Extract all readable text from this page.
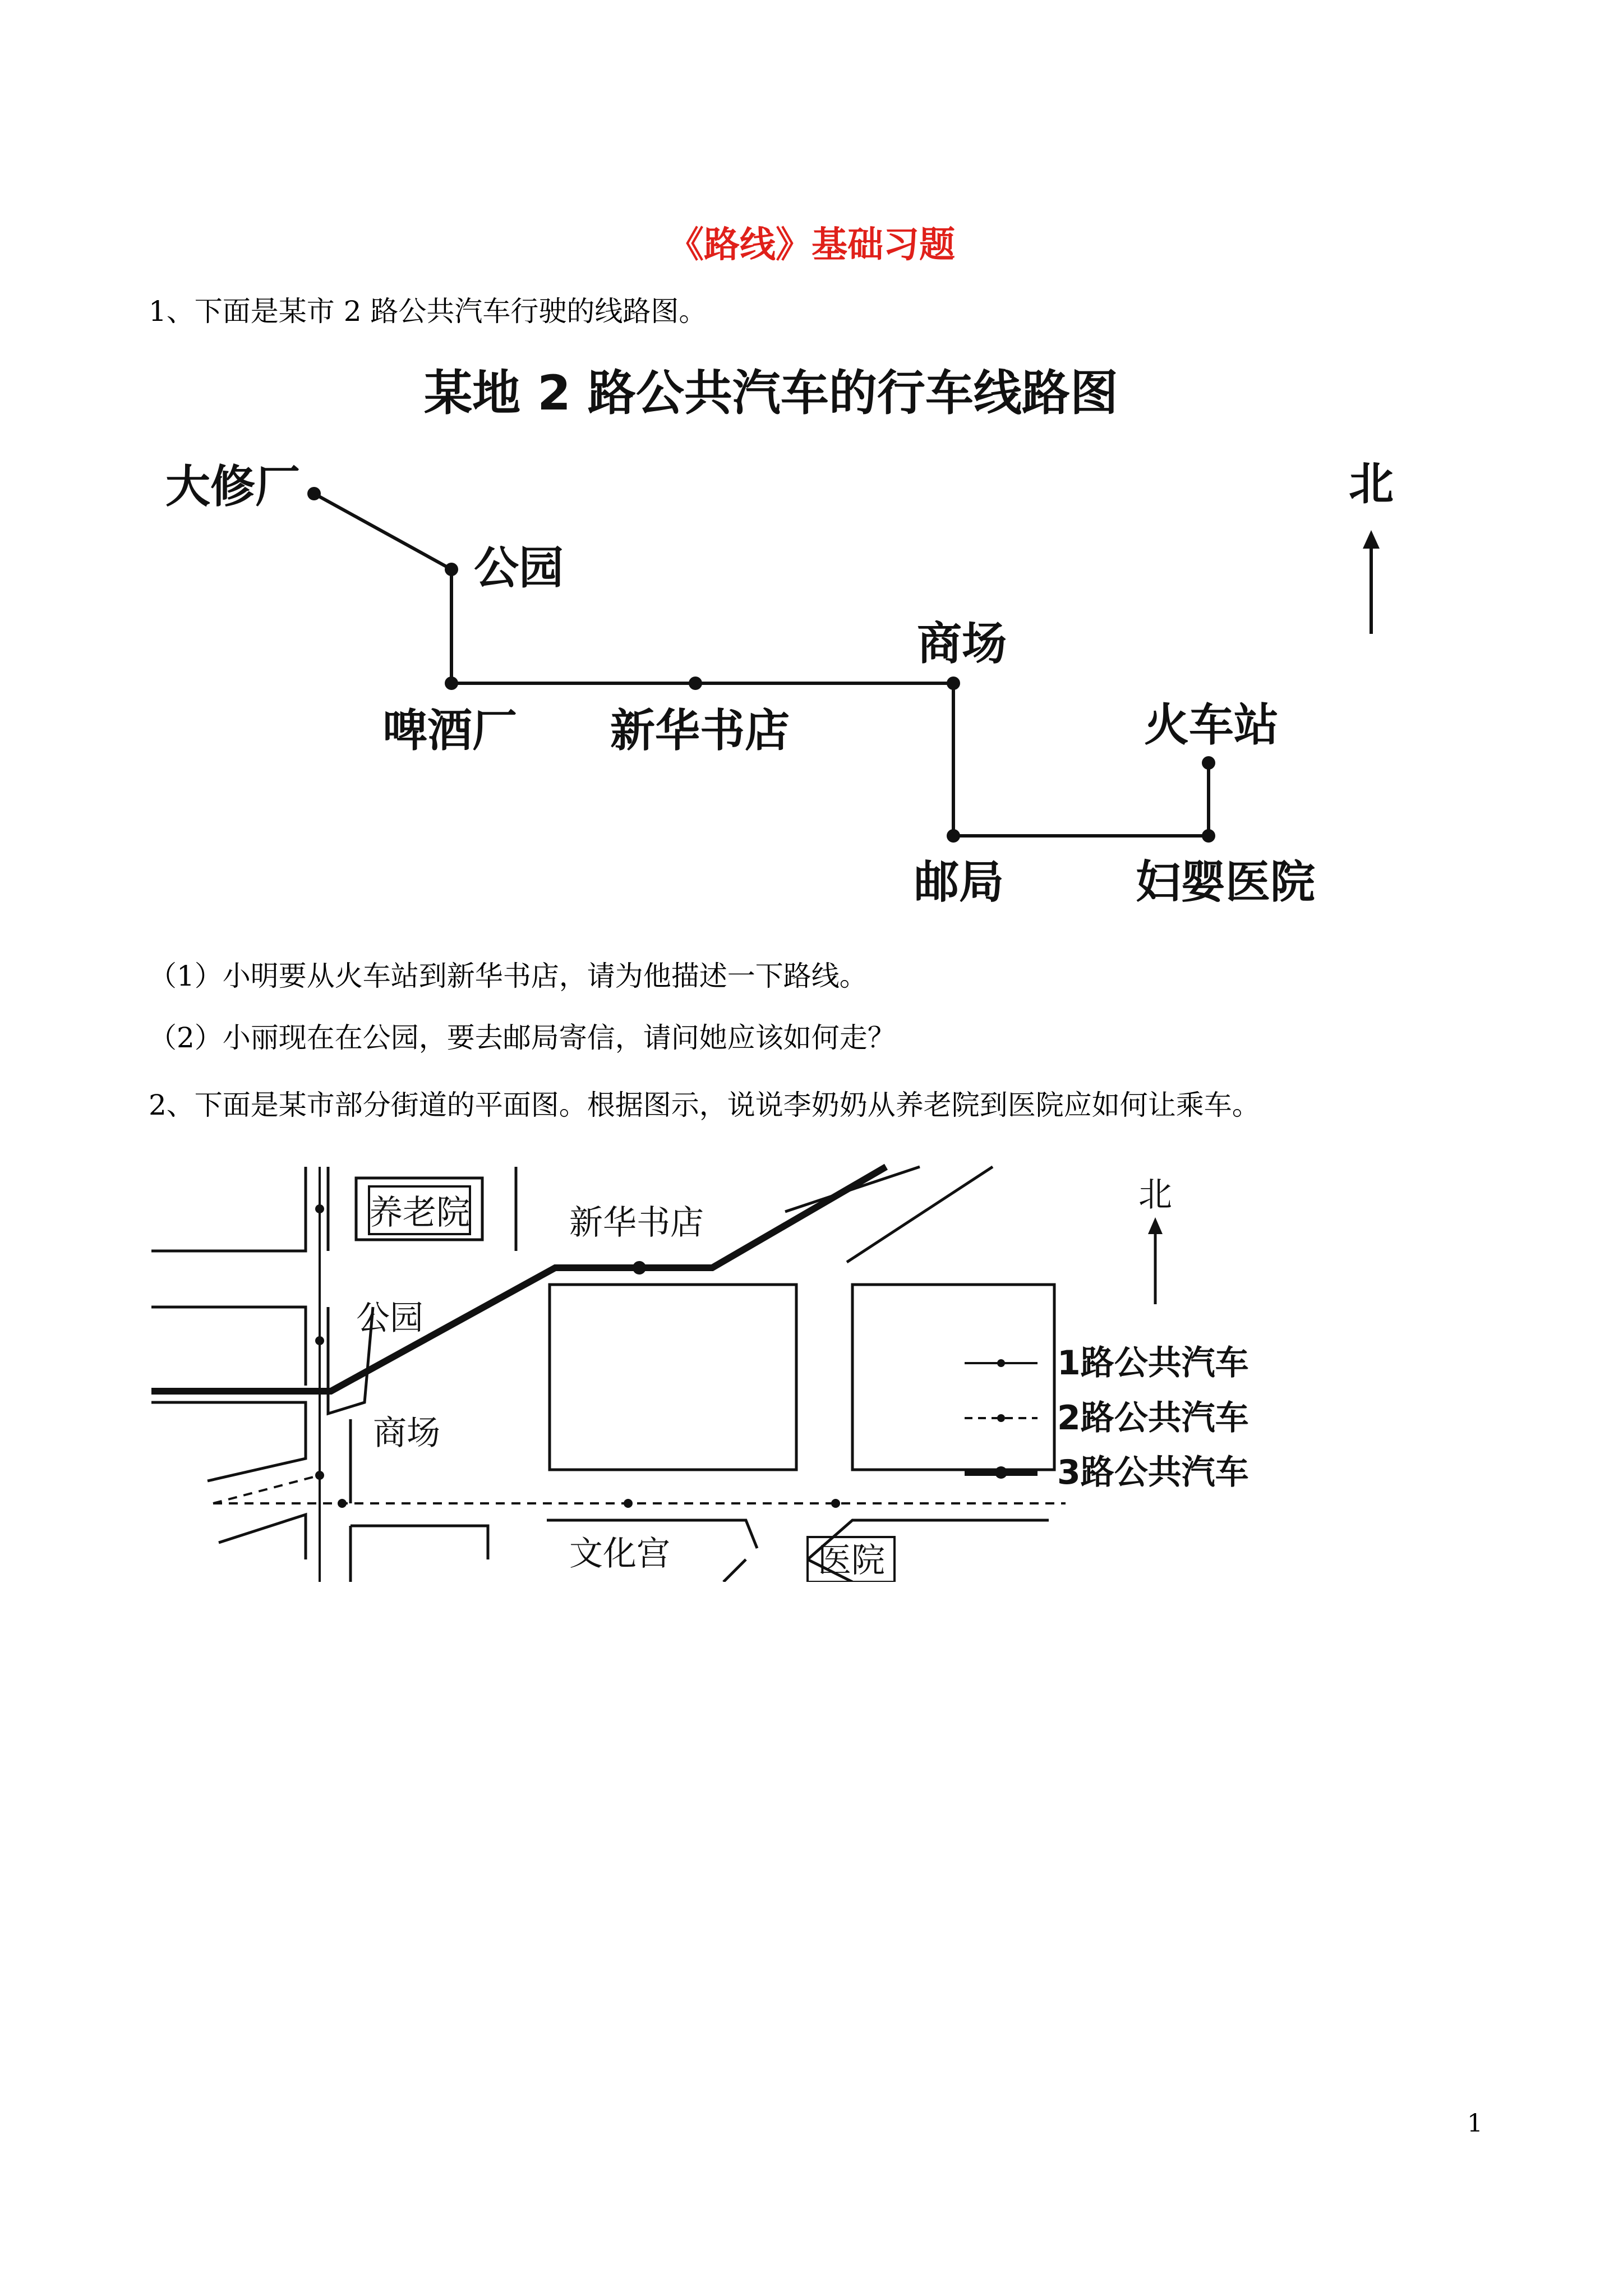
《路线》基础习题
1、下面是某市 2 路公共汽车行驶的线路图。
某地 2 路公共汽车的行车线路图
大修厂
公园
啤酒厂 新华书店
商场
火车站
邮局	妇婴医院
北
（1）小明要从火车站到新华书店，请为他描述一下路线。
（2）小丽现在在公园，要去邮局寄信，请问她应该如何走？
2、下面是某市部分街道的平面图。根据图示，说说李奶奶从养老院到医院应如何让乘车。
养老院	新华书店
公园
商场
文化宫	医院
北
1路公共汽车
2路公共汽车
3路公共汽车
1
